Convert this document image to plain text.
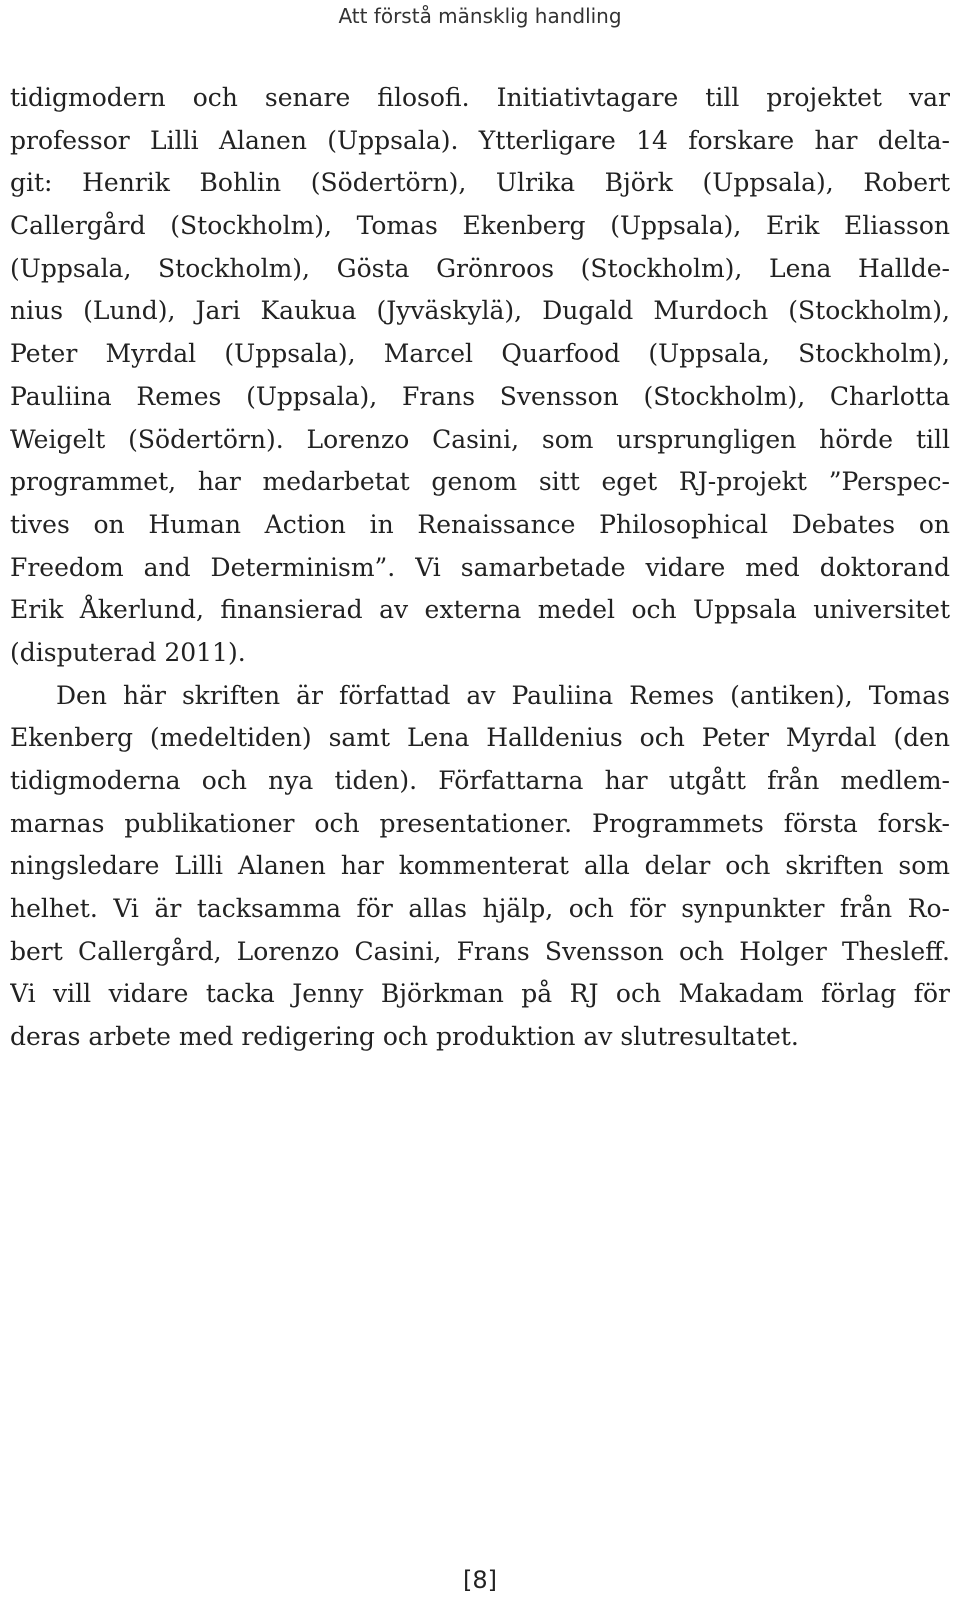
Att förstå mänsklig handling
tidigmodern och senare filosofi. Initiativtagare till projektet var
professor Lilli Alanen (Uppsala). Ytterligare 14 forskare har delta-
git: Henrik Bohlin (Södertörn), Ulrika Björk (Uppsala), Robert
Callergård (Stockholm), Tomas Ekenberg (Uppsala), Erik Eliasson
(Uppsala, Stockholm), Gösta Grönroos (Stockholm), Lena Hallde-
nius (Lund), Jari Kaukua (Jyväskylä), Dugald Murdoch (Stockholm),
Peter Myrdal (Uppsala), Marcel Quarfood (Uppsala, Stockholm),
Pauliina Remes (Uppsala), Frans Svensson (Stockholm), Charlotta
Weigelt (Södertörn). Lorenzo Casini, som ursprungligen hörde till
programmet, har medarbetat genom sitt eget RJ-projekt ”Perspec-
tives on Human Action in Renaissance Philosophical Debates on
Freedom and Determinism”. Vi samarbetade vidare med doktorand
Erik Åkerlund, finansierad av externa medel och Uppsala universitet
(disputerad 2011).
Den här skriften är författad av Pauliina Remes (antiken), Tomas
Ekenberg (medeltiden) samt Lena Halldenius och Peter Myrdal (den
tidigmoderna och nya tiden). Författarna har utgått från medlem-
marnas publikationer och presentationer. Programmets första forsk-
ningsledare Lilli Alanen har kommenterat alla delar och skriften som
helhet. Vi är tacksamma för allas hjälp, och för synpunkter från Ro-
bert Callergård, Lorenzo Casini, Frans Svensson och Holger Thesleff.
Vi vill vidare tacka Jenny Björkman på RJ och Makadam förlag för
deras arbete med redigering och produktion av slutresultatet.
[8]
